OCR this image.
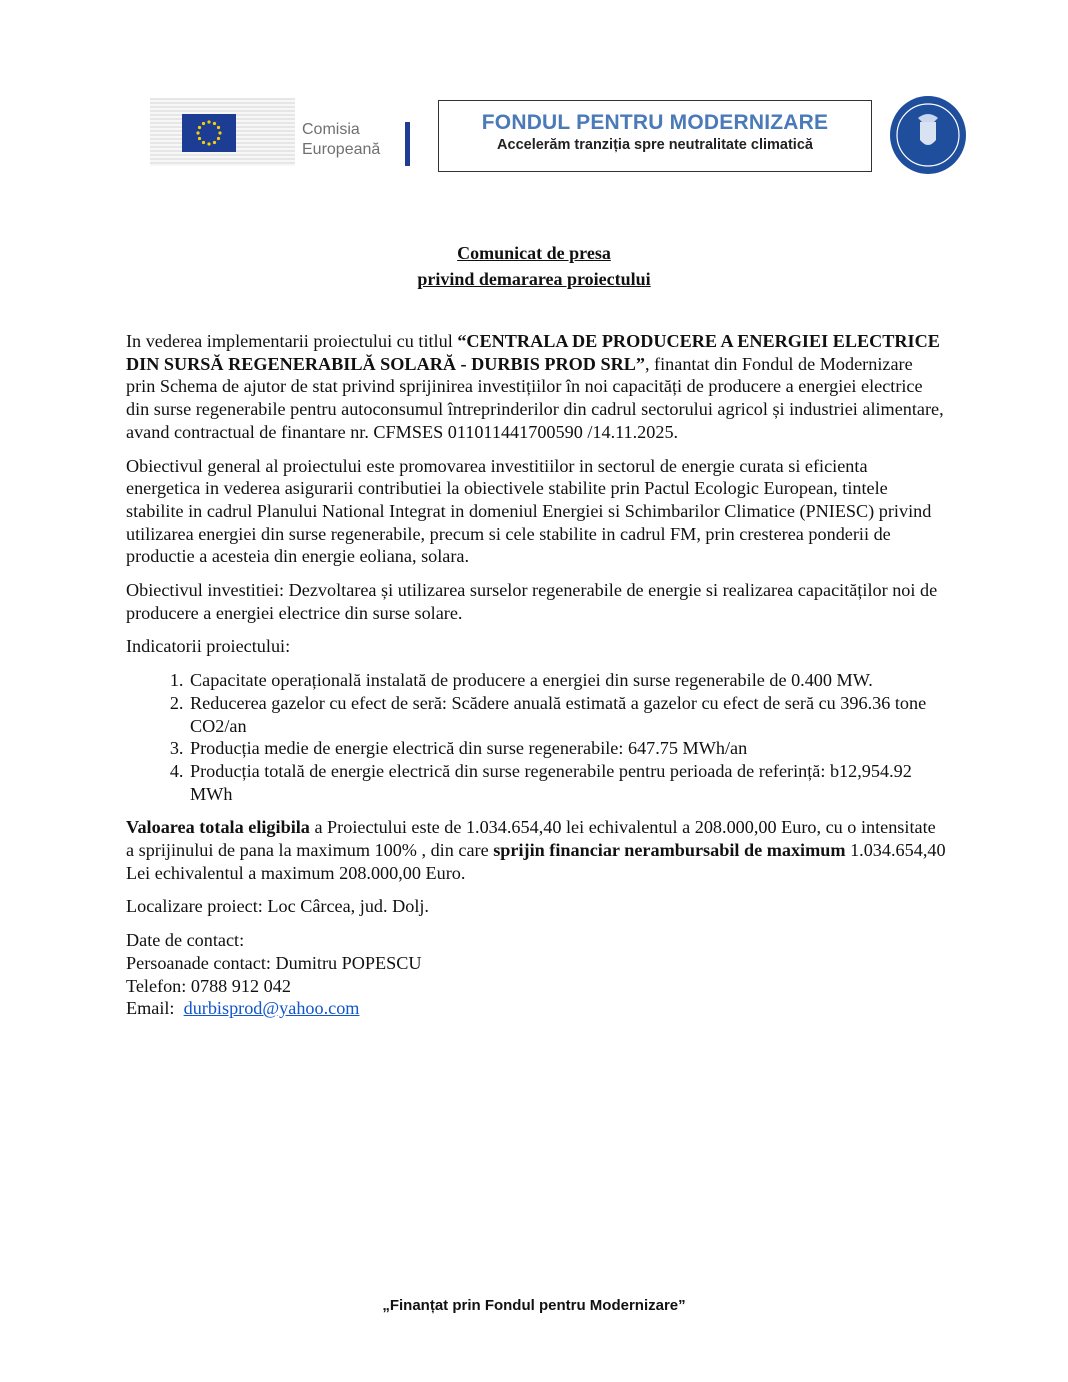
Comisia
Europeană
FONDUL PENTRU MODERNIZARE
Accelerăm tranziția spre neutralitate climatică
Comunicat de presa
privind demararea proiectului

In vederea implementarii proiectului cu titlul “CENTRALA DE PRODUCERE A ENERGIEI ELECTRICE DIN SURSĂ REGENERABILĂ SOLARĂ - DURBIS PROD SRL”, finantat din Fondul de Modernizare prin Schema de ajutor de stat privind sprijinirea investițiilor în noi capacități de producere a energiei electrice din surse regenerabile pentru autoconsumul întreprinderilor din cadrul sectorului agricol și industriei alimentare, avand contractual de finantare nr. CFMSES 011011441700590 /14.11.2025.

Obiectivul general al proiectului este promovarea investitiilor in sectorul de energie curata si eficienta energetica in vederea asigurarii contributiei la obiectivele stabilite prin Pactul Ecologic European, tintele stabilite in cadrul Planului National Integrat in domeniul Energiei si Schimbarilor Climatice (PNIESC) privind utilizarea energiei din surse regenerabile, precum si cele stabilite in cadrul FM, prin cresterea ponderii de productie a acesteia din energie eoliana, solara.

Obiectivul investitiei: Dezvoltarea și utilizarea surselor regenerabile de energie si realizarea capacităților noi de producere a energiei electrice din surse solare.

Indicatorii proiectului:

1. Capacitate operațională instalată de producere a energiei din surse regenerabile de 0.400 MW.
2. Reducerea gazelor cu efect de seră: Scădere anuală estimată a gazelor cu efect de seră cu 396.36 tone CO2/an
3. Producția medie de energie electrică din surse regenerabile: 647.75 MWh/an
4. Producția totală de energie electrică din surse regenerabile pentru perioada de referință: b12,954.92 MWh

Valoarea totala eligibila a Proiectului este de 1.034.654,40 lei echivalentul a 208.000,00 Euro, cu o intensitate a sprijinului de pana la maximum 100% , din care sprijin financiar nerambursabil de maximum 1.034.654,40 Lei echivalentul a maximum 208.000,00 Euro.

Localizare proiect: Loc Cârcea, jud. Dolj.

Date de contact:
Persoanade contact: Dumitru POPESCU
Telefon: 0788 912 042
Email:  durbisprod@yahoo.com
„Finanțat prin Fondul pentru Modernizare”
